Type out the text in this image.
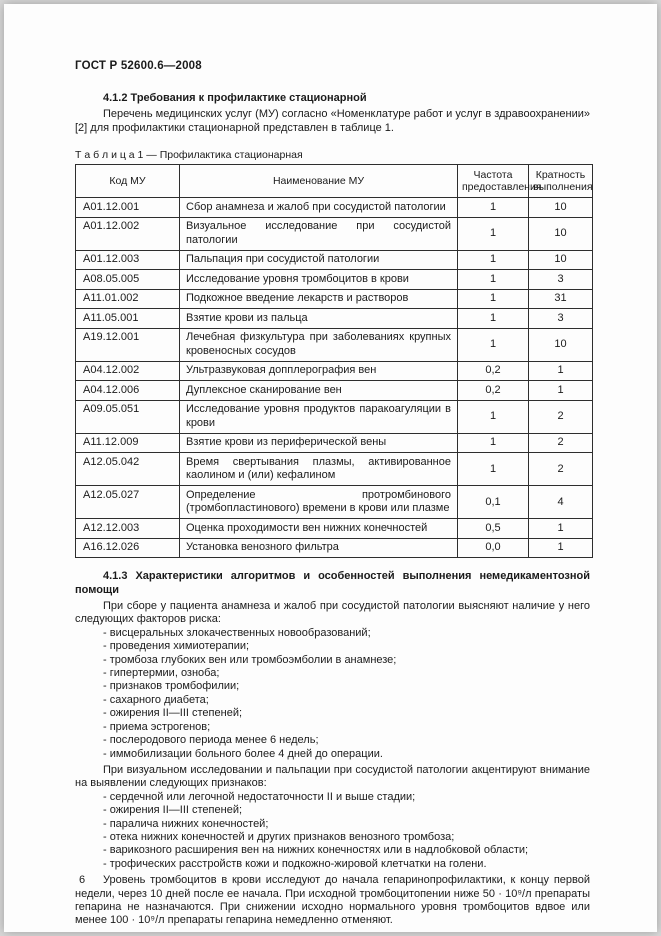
ГОСТ Р 52600.6—2008
4.1.2 Требования к профилактике стационарной

Перечень медицинских услуг (МУ) согласно «Номенклатуре работ и услуг в здравоохранении» [2] для профилактики стационарной представлен в таблице 1.

Т а б л и ц а 1 — Профилактика стационарная
Код МУ	Наименование МУ	Частота предоставления	Кратность выполнения
А01.12.001	Сбор анамнеза и жалоб при сосудистой патологии	1	10
А01.12.002	Визуальное исследование при сосудистой патологии	1	10
А01.12.003	Пальпация при сосудистой патологии	1	10
А08.05.005	Исследование уровня тромбоцитов в крови	1	3
А11.01.002	Подкожное введение лекарств и растворов	1	31
А11.05.001	Взятие крови из пальца	1	3
А19.12.001	Лечебная физкультура при заболеваниях крупных кровеносных сосудов	1	10
А04.12.002	Ультразвуковая допплерография вен	0,2	1
А04.12.006	Дуплексное сканирование вен	0,2	1
А09.05.051	Исследование уровня продуктов паракоагуляции в крови	1	2
А11.12.009	Взятие крови из периферической вены	1	2
А12.05.042	Время свертывания плазмы, активированное каолином и (или) кефалином	1	2
А12.05.027	Определение протромбинового (тромбопластинового) времени в крови или плазме	0,1	4
А12.12.003	Оценка проходимости вен нижних конечностей	0,5	1
А16.12.026	Установка венозного фильтра	0,0	1
4.1.3 Характеристики алгоритмов и особенностей выполнения немедикаментозной помощи

При сборе у пациента анамнеза и жалоб при сосудистой патологии выясняют наличие у него следующих факторов риска:

- висцеральных злокачественных новообразований;
- проведения химиотерапии;
- тромбоза глубоких вен или тромбоэмболии в анамнезе;
- гипертермии, озноба;
- признаков тромбофилии;
- сахарного диабета;
- ожирения II—III степеней;
- приема эстрогенов;
- послеродового периода менее 6 недель;
- иммобилизации больного более 4 дней до операции.

При визуальном исследовании и пальпации при сосудистой патологии акцентируют внимание на выявлении следующих признаков:

- сердечной или легочной недостаточности II и выше стадии;
- ожирения II—III степеней;
- паралича нижних конечностей;
- отека нижних конечностей и других признаков венозного тромбоза;
- варикозного расширения вен на нижних конечностях или в надлобковой области;
- трофических расстройств кожи и подкожно-жировой клетчатки на голени.

Уровень тромбоцитов в крови исследуют до начала гепаринопрофилактики, к концу первой недели, через 10 дней после ее начала. При исходной тромбоцитопении ниже 50 · 10⁹/л препараты гепарина не назначаются. При снижении исходно нормального уровня тромбоцитов вдвое или менее 100 · 10⁹/л препараты гепарина немедленно отменяют.

6
